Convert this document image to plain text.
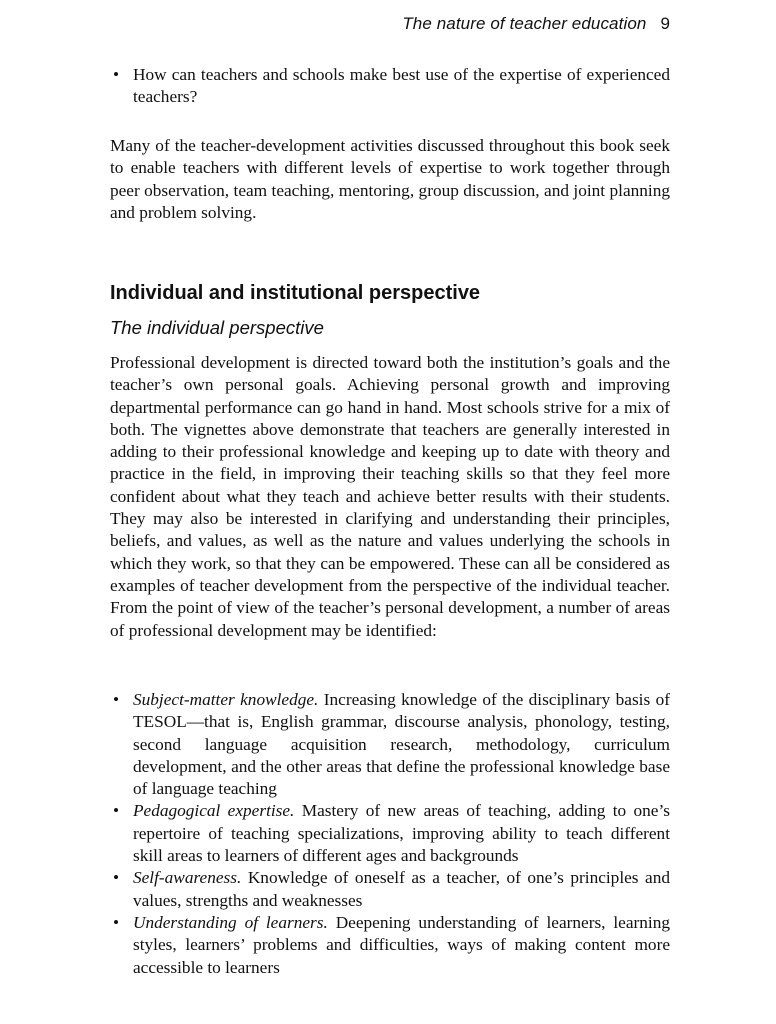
The nature of teacher education 9
• How can teachers and schools make best use of the expertise of experienced teachers?

Many of the teacher-development activities discussed throughout this book seek to enable teachers with different levels of expertise to work together through peer observation, team teaching, mentoring, group discussion, and joint planning and problem solving.

Individual and institutional perspective
The individual perspective

Professional development is directed toward both the institution’s goals and the teacher’s own personal goals. Achieving personal growth and improving departmental performance can go hand in hand. Most schools strive for a mix of both. The vignettes above demonstrate that teachers are generally interested in adding to their professional knowledge and keeping up to date with theory and practice in the field, in improving their teaching skills so that they feel more confident about what they teach and achieve better results with their students. They may also be interested in clarifying and understanding their principles, beliefs, and values, as well as the nature and values underlying the schools in which they work, so that they can be empowered. These can all be considered as examples of teacher development from the perspective of the individual teacher. From the point of view of the teacher’s personal development, a number of areas of professional development may be identified:

• Subject-matter knowledge. Increasing knowledge of the disciplinary basis of TESOL—that is, English grammar, discourse analysis, phonology, testing, second language acquisition research, methodology, curriculum development, and the other areas that define the professional knowledge base of language teaching
• Pedagogical expertise. Mastery of new areas of teaching, adding to one’s repertoire of teaching specializations, improving ability to teach different skill areas to learners of different ages and backgrounds
• Self-awareness. Knowledge of oneself as a teacher, of one’s principles and values, strengths and weaknesses
• Understanding of learners. Deepening understanding of learners, learning styles, learners’ problems and difficulties, ways of making content more accessible to learners
